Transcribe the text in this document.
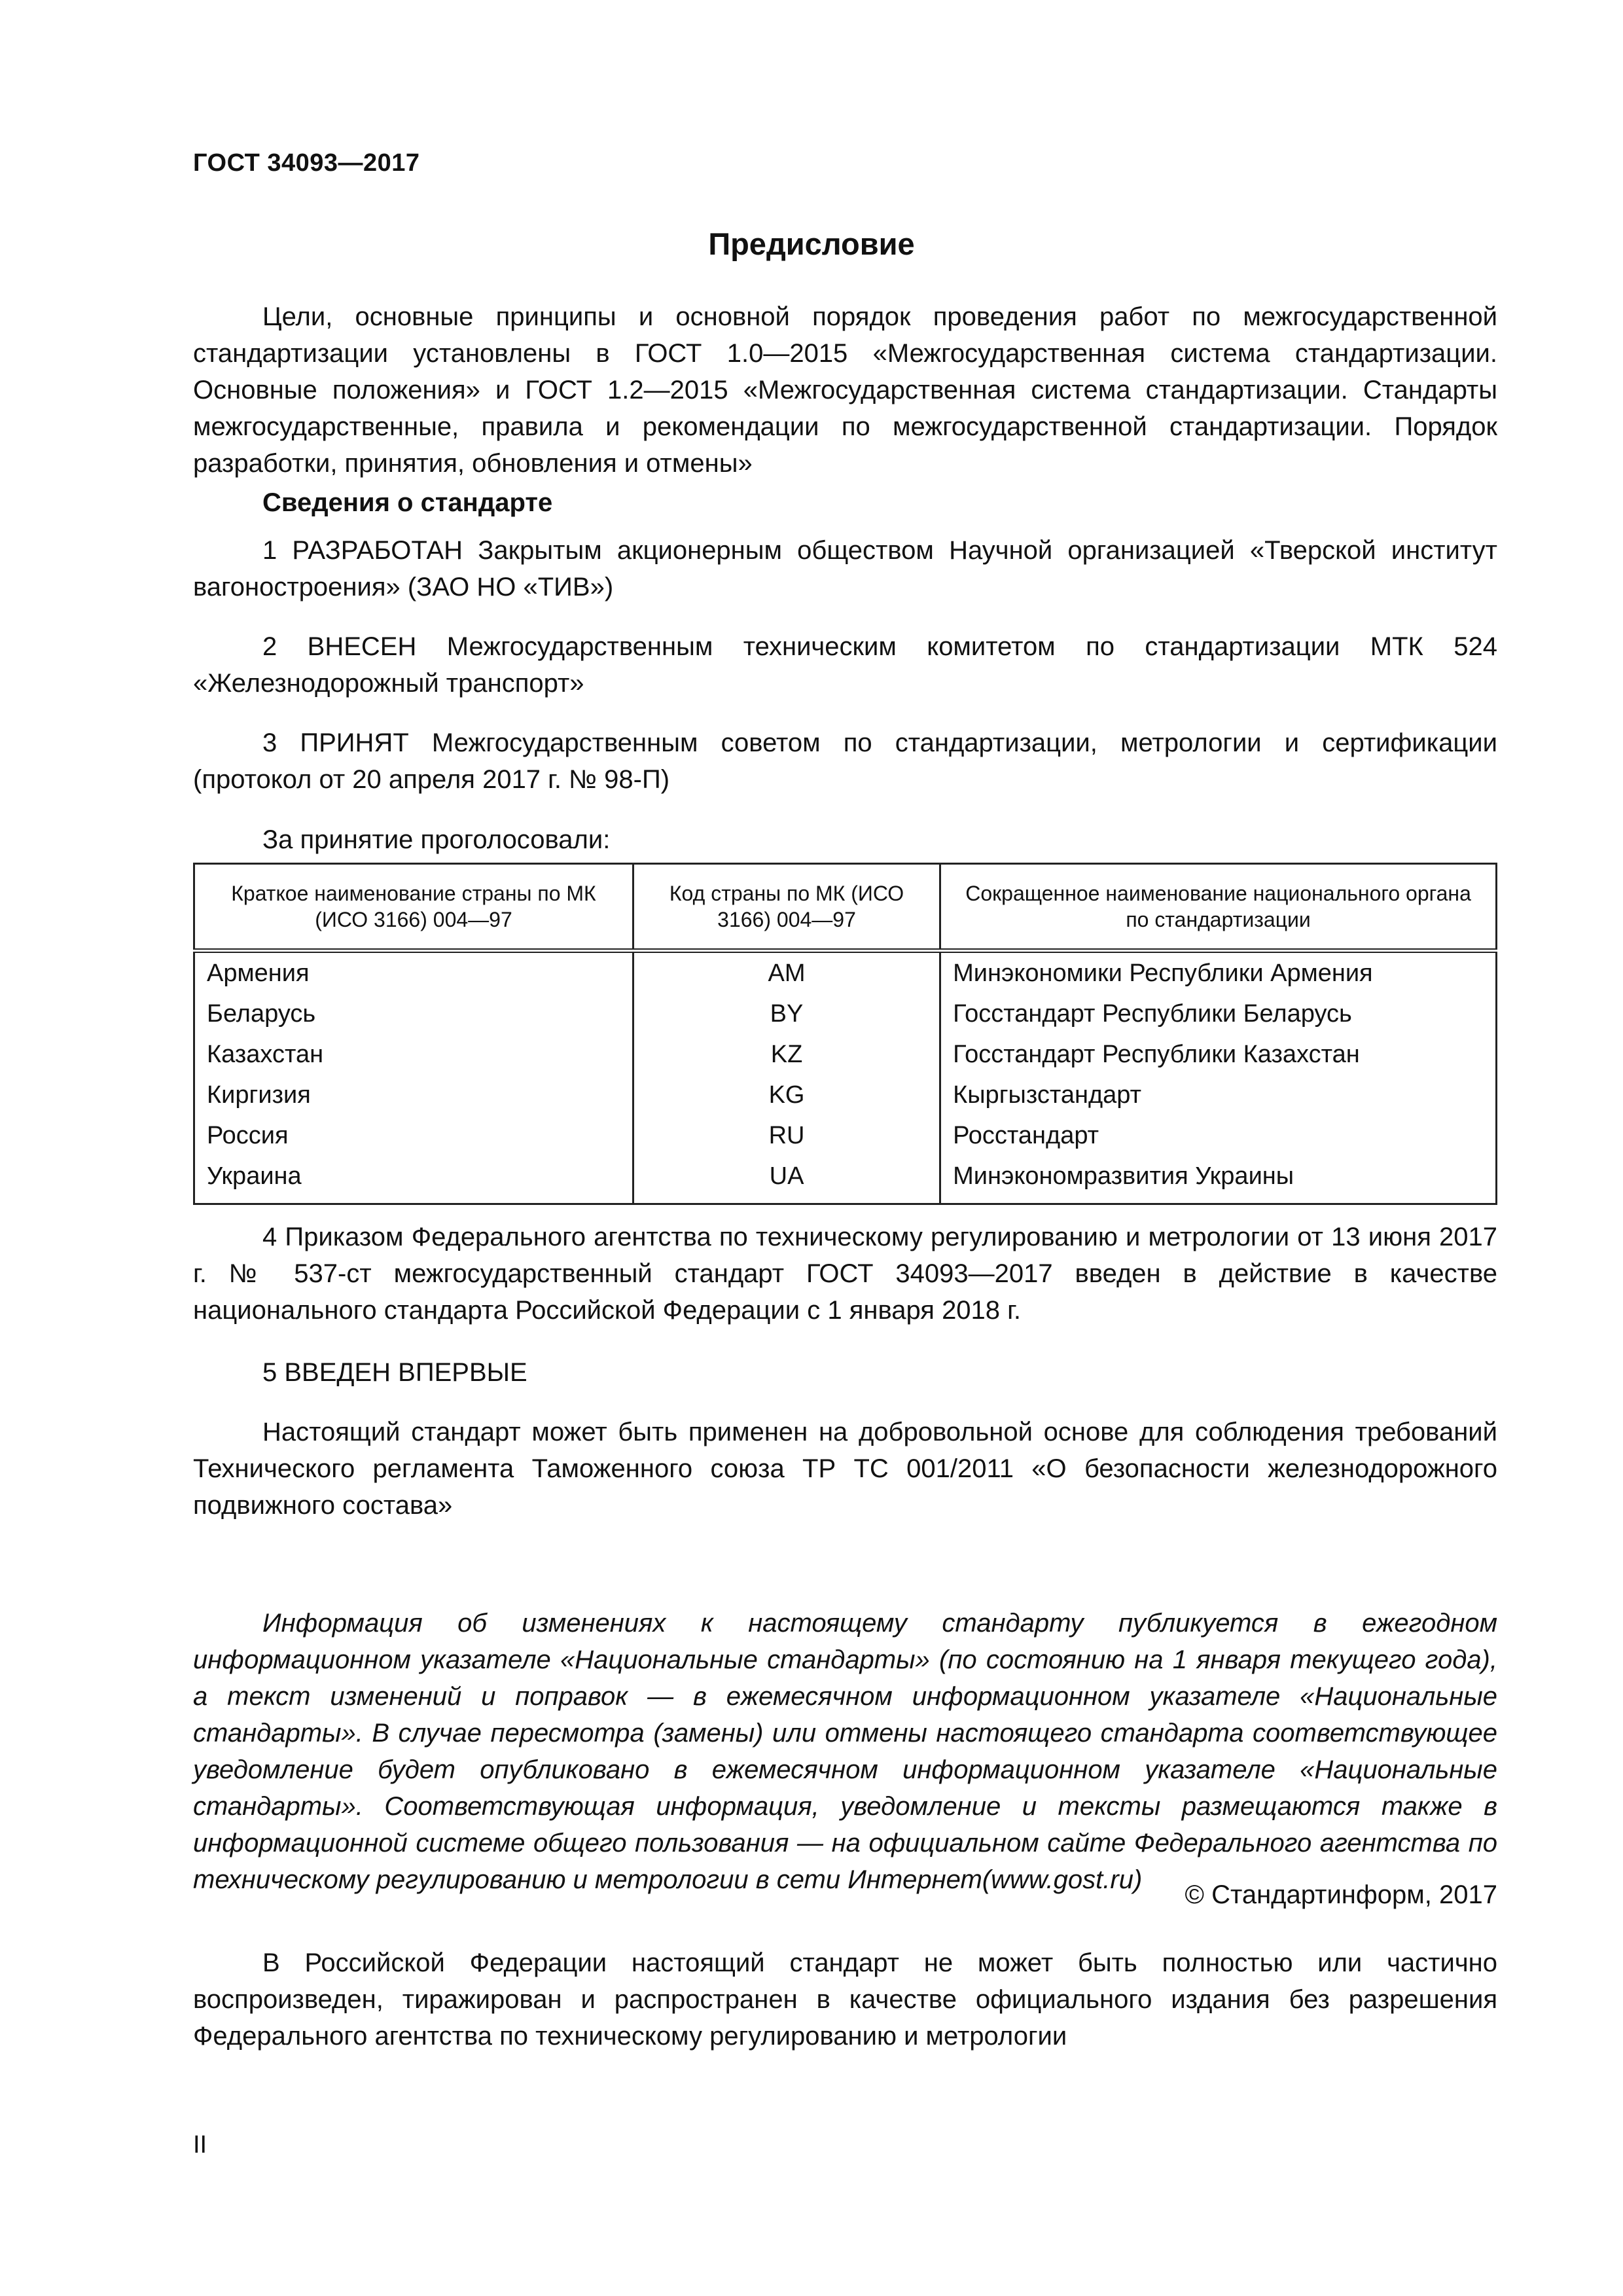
ГОСТ 34093—2017
Предисловие

Цели, основные принципы и основной порядок проведения работ по межгосударственной стандартизации установлены в ГОСТ 1.0—2015 «Межгосударственная система стандартизации. Основные положения» и ГОСТ 1.2—2015 «Межгосударственная система стандартизации. Стандарты межгосударственные, правила и рекомендации по межгосударственной стандартизации. Порядок разработки, принятия, обновления и отмены»

Сведения о стандарте

1 РАЗРАБОТАН Закрытым акционерным обществом Научной организацией «Тверской институт вагоностроения» (ЗАО НО «ТИВ»)

2 ВНЕСЕН Межгосударственным техническим комитетом по стандартизации МТК 524 «Железнодорожный транспорт»

3 ПРИНЯТ Межгосударственным советом по стандартизации, метрологии и сертификации (протокол от 20 апреля 2017 г. № 98-П)

За принятие проголосовали:

Краткое наименование страны по МК (ИСО 3166) 004—97	Код страны по МК (ИСО 3166) 004—97	Сокращенное наименование национального органа по стандартизации
Армения	AM	Минэкономики Республики Армения
Беларусь	BY	Госстандарт Республики Беларусь
Казахстан	KZ	Госстандарт Республики Казахстан
Киргизия	KG	Кыргызстандарт
Россия	RU	Росстандарт
Украина	UA	Минэкономразвития Украины

4 Приказом Федерального агентства по техническому регулированию и метрологии от 13 июня 2017 г. № 537-ст межгосударственный стандарт ГОСТ 34093—2017 введен в действие в качестве национального стандарта Российской Федерации с 1 января 2018 г.

5 ВВЕДЕН ВПЕРВЫЕ

Настоящий стандарт может быть применен на добровольной основе для соблюдения требований Технического регламента Таможенного союза ТР ТС 001/2011 «О безопасности железнодорожного подвижного состава»

Информация об изменениях к настоящему стандарту публикуется в ежегодном информационном указателе «Национальные стандарты» (по состоянию на 1 января текущего года), а текст изменений и поправок — в ежемесячном информационном указателе «Национальные стандарты». В случае пересмотра (замены) или отмены настоящего стандарта соответствующее уведомление будет опубликовано в ежемесячном информационном указателе «Национальные стандарты». Соответствующая информация, уведомление и тексты размещаются также в информационной системе общего пользования — на официальном сайте Федерального агентства по техническому регулированию и метрологии в сети Интернет(www.gost.ru)

© Стандартинформ, 2017

В Российской Федерации настоящий стандарт не может быть полностью или частично воспроизведен, тиражирован и распространен в качестве официального издания без разрешения Федерального агентства по техническому регулированию и метрологии

II
